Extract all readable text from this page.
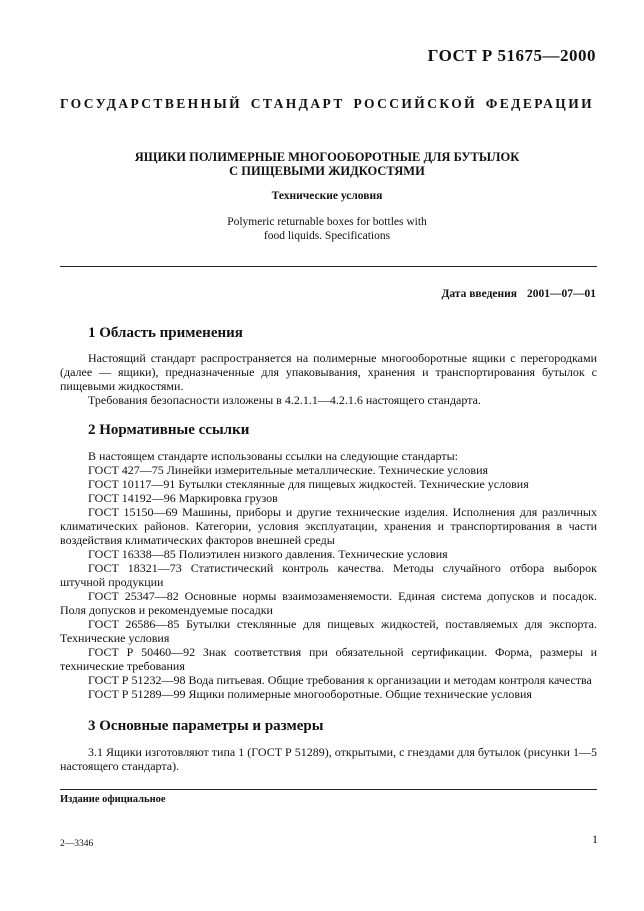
ГОСТ Р 51675—2000
ГОСУДАРСТВЕННЫЙ СТАНДАРТ РОССИЙСКОЙ ФЕДЕРАЦИИ
ЯЩИКИ ПОЛИМЕРНЫЕ МНОГООБОРОТНЫЕ ДЛЯ БУТЫЛОК
С ПИЩЕВЫМИ ЖИДКОСТЯМИ
Технические условия
Polymeric returnable boxes for bottles with
food liquids. Specifications
Дата введения 2001—07—01
1 Область применения

Настоящий стандарт распространяется на полимерные многооборотные ящики с перегородками (далее — ящики), предназначенные для упаковывания, хранения и транспортирования бутылок с пищевыми жидкостями.

Требования безопасности изложены в 4.2.1.1—4.2.1.6 настоящего стандарта.

2 Нормативные ссылки

В настоящем стандарте использованы ссылки на следующие стандарты:

ГОСТ 427—75 Линейки измерительные металлические. Технические условия

ГОСТ 10117—91 Бутылки стеклянные для пищевых жидкостей. Технические условия

ГОСТ 14192—96 Маркировка грузов

ГОСТ 15150—69 Машины, приборы и другие технические изделия. Исполнения для различных климатических районов. Категории, условия эксплуатации, хранения и транспортирования в части воздействия климатических факторов внешней среды

ГОСТ 16338—85 Полиэтилен низкого давления. Технические условия

ГОСТ 18321—73 Статистический контроль качества. Методы случайного отбора выборок штучной продукции

ГОСТ 25347—82 Основные нормы взаимозаменяемости. Единая система допусков и посадок. Поля допусков и рекомендуемые посадки

ГОСТ 26586—85 Бутылки стеклянные для пищевых жидкостей, поставляемых для экспорта. Технические условия

ГОСТ Р 50460—92 Знак соответствия при обязательной сертификации. Форма, размеры и технические требования

ГОСТ Р 51232—98 Вода питьевая. Общие требования к организации и методам контроля качества

ГОСТ Р 51289—99 Ящики полимерные многооборотные. Общие технические условия

3 Основные параметры и размеры

3.1 Ящики изготовляют типа 1 (ГОСТ Р 51289), открытыми, с гнездами для бутылок (рисунки 1—5 настоящего стандарта).

Издание официальное
2—3346	1
